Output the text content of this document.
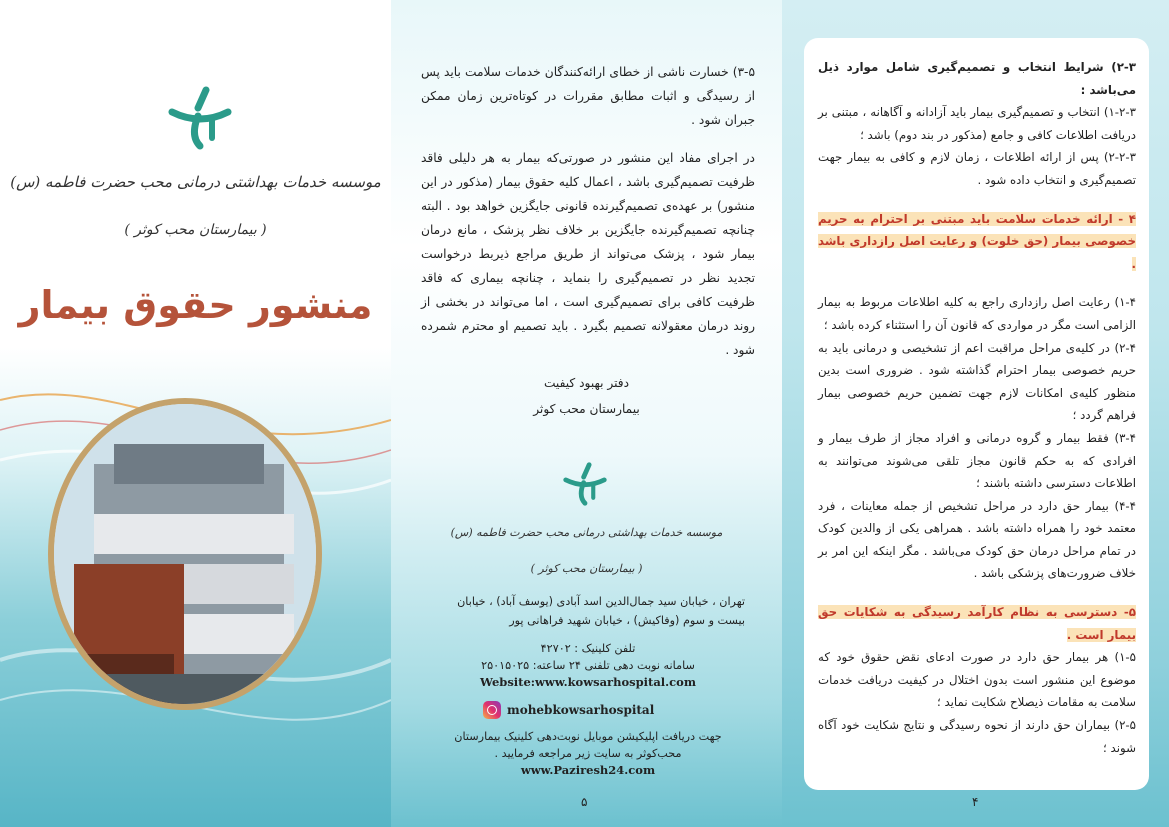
موسسه خدمات بهداشتی درمانی محب حضرت فاطمه (س)
( بیمارستان محب کوثر )
منشور حقوق بیمار

۳-۵) خسارت ناشی از خطای ارائه‌کنندگان خدمات سلامت باید پس از رسیدگی و اثبات مطابق مقررات در کوتاه‌ترین زمان ممکن جبران شود .

در اجرای مفاد این منشور در صورتی‌که بیمار به هر دلیلی فاقد ظرفیت تصمیم‌گیری باشد ، اعمال کلیه حقوق بیمار (مذکور در این منشور) بر عهده‌ی تصمیم‌گیرنده قانونی جایگزین خواهد بود . البته چنانچه تصمیم‌گیرنده جایگزین بر خلاف نظر پزشک ، مانع درمان بیمار شود ، پزشک می‌تواند از طریق مراجع ذیربط درخواست تجدید نظر در تصمیم‌گیری را بنماید ، چنانچه بیماری که فاقد ظرفیت کافی برای تصمیم‌گیری است ، اما می‌تواند در بخشی از روند درمان معقولانه تصمیم بگیرد . باید تصمیم او محترم شمرده شود .

دفتر بهبود کیفیت
بیمارستان محب کوثر
موسسه خدمات بهداشتی درمانی محب حضرت فاطمه (س)
( بیمارستان محب کوثر )
تهران ، خیابان سید جمال‌الدین اسد آبادی (یوسف آباد) ، خیابان بیست و سوم (وفاکیش) ، خیابان شهید فراهانی پور
تلفن کلینیک : ۴۲۷۰۲
سامانه نوبت دهی تلفنی ۲۴ ساعته: ۲۵۰۱۵۰۲۵
Website:www.kowsarhospital.com
mohebkowsarhospital
جهت دریافت اپلیکیشن موبایل نوبت‌دهی کلینیک بیمارستان محب‌کوثر به سایت زیر مراجعه فرمایید .
www.Paziresh24.com
۵

۲-۳) شرایط انتخاب و تصمیم‌گیری شامل موارد ذیل می‌باشد :

۱-۲-۳) انتخاب و تصمیم‌گیری بیمار باید آزادانه و آگاهانه ، مبتنی بر دریافت اطلاعات کافی و جامع (مذکور در بند دوم) باشد ؛

۲-۲-۳) پس از ارائه اطلاعات ، زمان لازم و کافی به بیمار جهت تصمیم‌گیری و انتخاب داده شود .

۴ - ارائه خدمات سلامت باید مبتنی بر احترام به حریم خصوصی بیمار (حق خلوت) و رعایت اصل رازداری باشد .

۱-۴) رعایت اصل رازداری راجع به کلیه اطلاعات مربوط به بیمار الزامی است مگر در مواردی که قانون آن را استثناء کرده باشد ؛

۲-۴) در کلیه‌ی مراحل مراقبت اعم از تشخیصی و درمانی باید به حریم خصوصی بیمار احترام گذاشته شود . ضروری است بدین منظور کلیه‌ی امکانات لازم جهت تضمین حریم خصوصی بیمار فراهم گردد ؛

۳-۴) فقط بیمار و گروه درمانی و افراد مجاز از طرف بیمار و افرادی که به حکم قانون مجاز تلقی می‌شوند می‌توانند به اطلاعات دسترسی داشته باشند ؛

۴-۴) بیمار حق دارد در مراحل تشخیص از جمله معاینات ، فرد معتمد خود را همراه داشته باشد . همراهی یکی از والدین کودک در تمام مراحل درمان حق کودک می‌باشد . مگر اینکه این امر بر خلاف ضرورت‌های پزشکی باشد .

۵- دسترسی به نظام کارآمد رسیدگی به شکایات حق بیمار است .

۱-۵) هر بیمار حق دارد در صورت ادعای نقض حقوق خود که موضوع این منشور است بدون اختلال در کیفیت دریافت خدمات سلامت به مقامات ذیصلاح شکایت نماید ؛

۲-۵) بیماران حق دارند از نحوه رسیدگی و نتایج شکایت خود آگاه شوند ؛

۴
